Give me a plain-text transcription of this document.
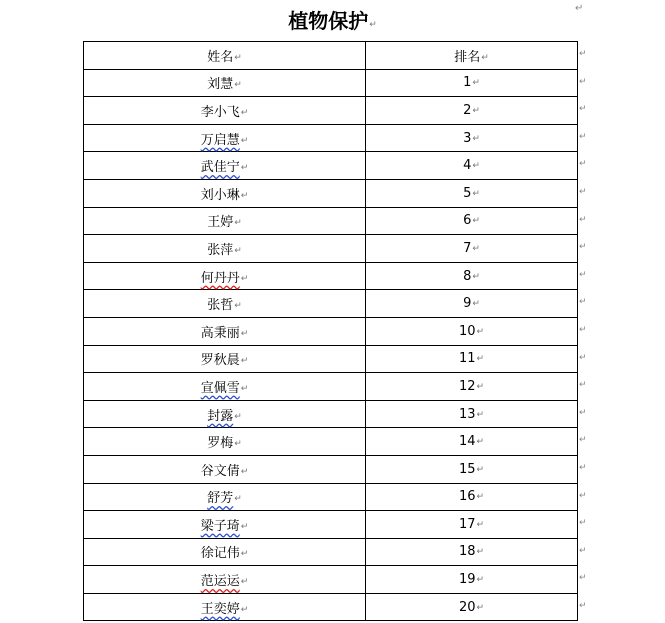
↵
植物保护↵
姓名↵	排名↵
刘慧↵	1↵
李小飞↵	2↵
万启慧↵	3↵
武佳宁↵	4↵
刘小琳↵	5↵
王婷↵	6↵
张萍↵	7↵
何丹丹↵	8↵
张哲↵	9↵
高秉丽↵	10↵
罗秋晨↵	11↵
宣佩雪↵	12↵
封露↵	13↵
罗梅↵	14↵
谷文倩↵	15↵
舒芳↵	16↵
梁子琦↵	17↵
徐记伟↵	18↵
范运运↵	19↵
王奕婷↵	20↵
↵
↵
↵
↵
↵
↵
↵
↵
↵
↵
↵
↵
↵
↵
↵
↵
↵
↵
↵
↵
↵
